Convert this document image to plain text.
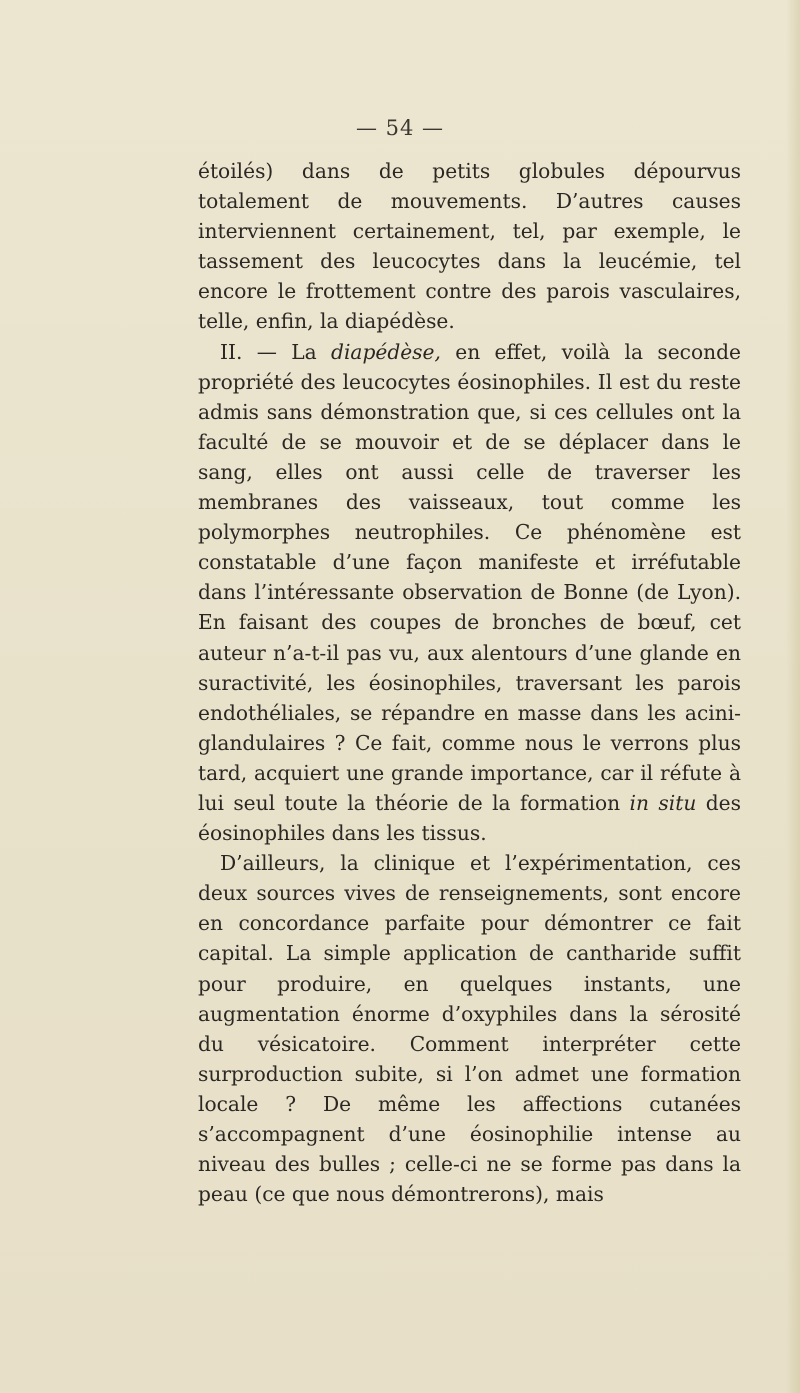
— 54 —

étoilés) dans de petits globules dépourvus totalement de mouvements. D’autres causes interviennent certainement, tel, par exemple, le tassement des leucocytes dans la leucémie, tel encore le frottement contre des parois vasculaires, telle, enfin, la diapédèse.

II. — La diapédèse, en effet, voilà la seconde propriété des leucocytes éosinophiles. Il est du reste admis sans démonstration que, si ces cellules ont la faculté de se mouvoir et de se déplacer dans le sang, elles ont aussi celle de traverser les membranes des vaisseaux, tout comme les polymorphes neutrophiles. Ce phénomène est constatable d’une façon manifeste et irréfutable dans l’intéressante observation de Bonne (de Lyon). En faisant des coupes de bronches de bœuf, cet auteur n’a-t-il pas vu, aux alentours d’une glande en suractivité, les éosinophiles, traversant les parois endothéliales, se répandre en masse dans les acini-glandulaires ? Ce fait, comme nous le verrons plus tard, acquiert une grande importance, car il réfute à lui seul toute la théorie de la formation in situ des éosinophiles dans les tissus.

D’ailleurs, la clinique et l’expérimentation, ces deux sources vives de renseignements, sont encore en concordance parfaite pour démontrer ce fait capital. La simple application de cantharide suffit pour produire, en quelques instants, une augmentation énorme d’oxyphiles dans la sérosité du vésicatoire. Comment interpréter cette surproduction subite, si l’on admet une formation locale ? De même les affections cutanées s’accompagnent d’une éosinophilie intense au niveau des bulles ; celle-ci ne se forme pas dans la peau (ce que nous démontrerons), mais
